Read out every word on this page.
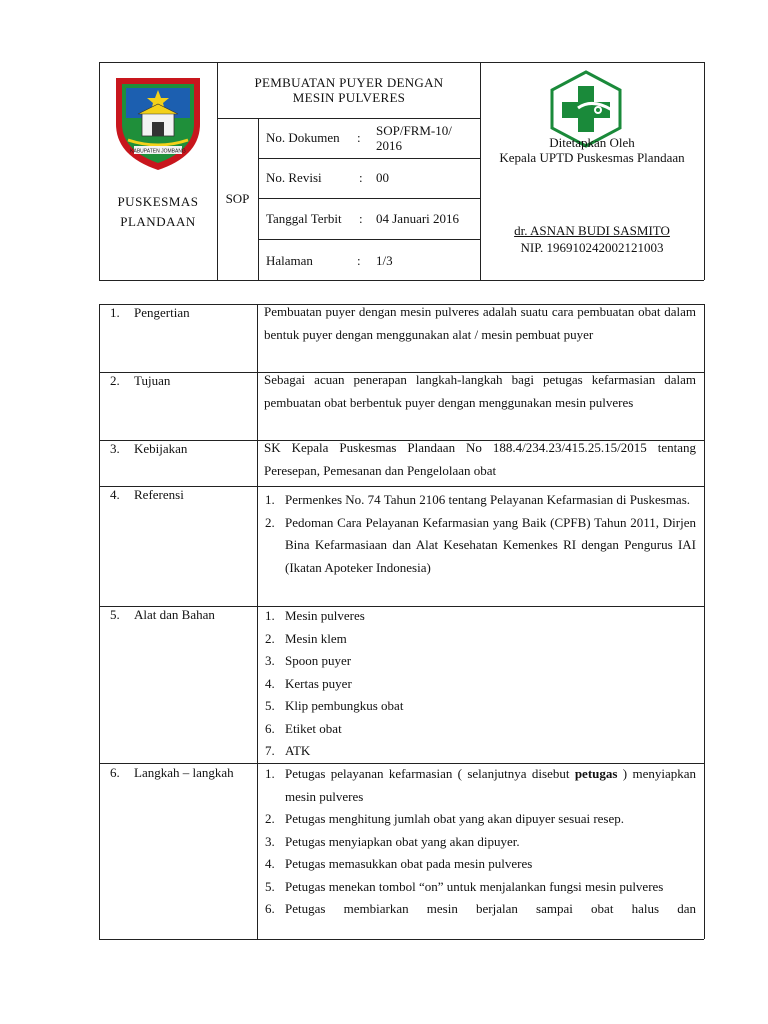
KABUPATEN JOMBANG
PUSKESMAS PLANDAAN
SOP
PEMBUATAN PUYER DENGAN MESIN PULVERES
No. Dokumen : SOP/FRM-10/ 2016
No. Revisi	: 00
Tanggal Terbit : 04 Januari 2016
Halaman	: 1/3
Ditetapkan Oleh
Kepala UPTD Puskesmas Plandaan
dr. ASNAN BUDI SASMITO
NIP. 196910242002121003
1. Pengertian	Pembuatan puyer dengan mesin pulveres adalah suatu cara pembuatan obat dalam bentuk puyer dengan menggunakan alat / mesin pembuat puyer
2. Tujuan	Sebagai acuan penerapan langkah-langkah bagi petugas kefarmasian dalam pembuatan obat berbentuk puyer dengan menggunakan mesin pulveres
3. Kebijakan	SK Kepala Puskesmas Plandaan No 188.4/234.23/415.25.15/2015 tentang Peresepan, Pemesanan dan Pengelolaan obat
4. Referensi	1. Permenkes No. 74 Tahun 2106 tentang Pelayanan Kefarmasian di Puskesmas.
2. Pedoman Cara Pelayanan Kefarmasian yang Baik (CPFB) Tahun 2011, Dirjen Bina Kefarmasiaan dan Alat Kesehatan Kemenkes RI dengan Pengurus IAI (Ikatan Apoteker Indonesia)
5. Alat dan Bahan	1. Mesin pulveres
2. Mesin klem
3. Spoon puyer
4. Kertas puyer
5. Klip pembungkus obat
6. Etiket obat
7. ATK
6. Langkah – langkah 1. Petugas pelayanan kefarmasian ( selanjutnya disebut petugas ) menyiapkan mesin pulveres
2. Petugas menghitung jumlah obat yang akan dipuyer sesuai resep.
3. Petugas menyiapkan obat yang akan dipuyer.
4. Petugas memasukkan obat pada mesin pulveres
5. Petugas menekan tombol “on” untuk menjalankan fungsi mesin pulveres
6. Petugas membiarkan mesin berjalan sampai obat halus dan
